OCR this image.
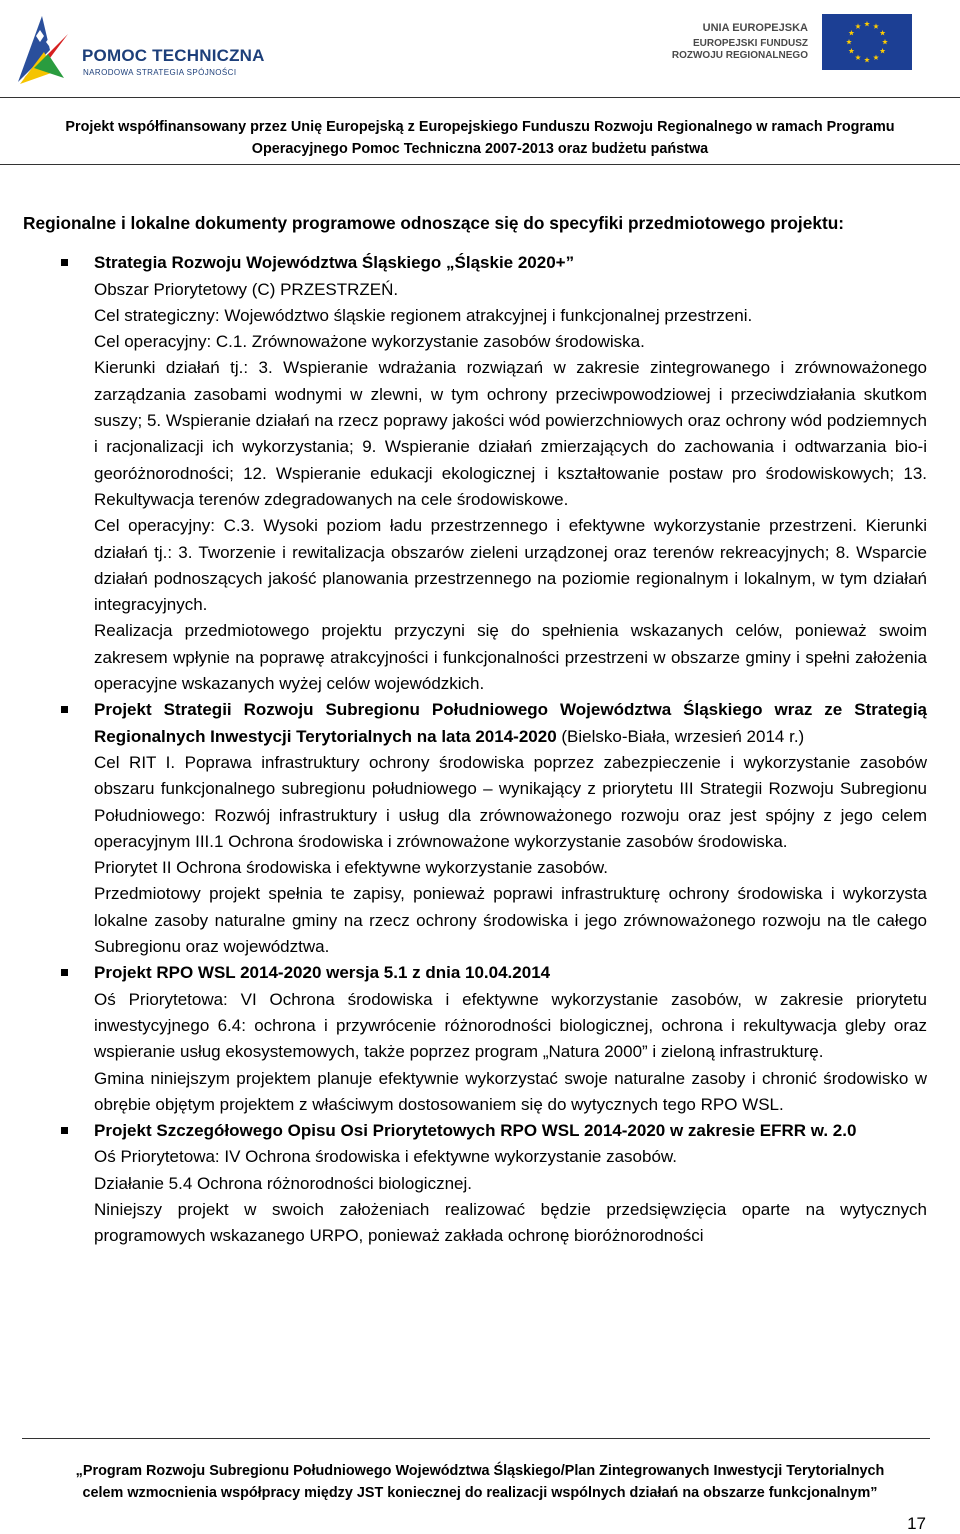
POMOC TECHNICZNA
NARODOWA STRATEGIA SPÓJNOŚCI
UNIA EUROPEJSKA
EUROPEJSKI FUNDUSZ
ROZWOJU REGIONALNEGO
Projekt współfinansowany przez Unię Europejską z Europejskiego Funduszu Rozwoju Regionalnego w ramach Programu
Operacyjnego Pomoc Techniczna 2007-2013 oraz budżetu państwa

Regionalne i lokalne dokumenty programowe odnoszące się do specyfiki przedmiotowego projektu:

Strategia Rozwoju Województwa Śląskiego „Śląskie 2020+”

Obszar Priorytetowy (C) PRZESTRZEŃ.

Cel strategiczny: Województwo śląskie regionem atrakcyjnej i funkcjonalnej przestrzeni.

Cel operacyjny: C.1. Zrównoważone wykorzystanie zasobów środowiska.

Kierunki działań tj.: 3. Wspieranie wdrażania rozwiązań w zakresie zintegrowanego i zrównoważonego zarządzania zasobami wodnymi w zlewni, w tym ochrony przeciwpowodziowej i przeciwdziałania skutkom suszy; 5. Wspieranie działań na rzecz poprawy jakości wód powierzchniowych oraz ochrony wód podziemnych i racjonalizacji ich wykorzystania; 9. Wspieranie działań zmierzających do zachowania i odtwarzania bio-i georóżnorodności; 12. Wspieranie edukacji ekologicznej i kształtowanie postaw pro środowiskowych; 13. Rekultywacja terenów zdegradowanych na cele środowiskowe.

Cel operacyjny: C.3. Wysoki poziom ładu przestrzennego i efektywne wykorzystanie przestrzeni. Kierunki działań tj.: 3. Tworzenie i rewitalizacja obszarów zieleni urządzonej oraz terenów rekreacyjnych; 8. Wsparcie działań podnoszących jakość planowania przestrzennego na poziomie regionalnym i lokalnym, w tym działań integracyjnych.

Realizacja przedmiotowego projektu przyczyni się do spełnienia wskazanych celów, ponieważ swoim zakresem wpłynie na poprawę atrakcyjności i funkcjonalności przestrzeni w obszarze gminy i spełni założenia operacyjne wskazanych wyżej celów wojewódzkich.

Projekt Strategii Rozwoju Subregionu Południowego Województwa Śląskiego wraz ze Strategią Regionalnych Inwestycji Terytorialnych na lata 2014-2020 (Bielsko-Biała, wrzesień 2014 r.)

Cel RIT I. Poprawa infrastruktury ochrony środowiska poprzez zabezpieczenie i wykorzystanie zasobów obszaru funkcjonalnego subregionu południowego – wynikający z priorytetu III Strategii Rozwoju Subregionu Południowego: Rozwój infrastruktury i usług dla zrównoważonego rozwoju oraz jest spójny z jego celem operacyjnym III.1 Ochrona środowiska i zrównoważone wykorzystanie zasobów środowiska.

Priorytet II Ochrona środowiska i efektywne wykorzystanie zasobów.

Przedmiotowy projekt spełnia te zapisy, ponieważ poprawi infrastrukturę ochrony środowiska i wykorzysta lokalne zasoby naturalne gminy na rzecz ochrony środowiska i jego zrównoważonego rozwoju na tle całego Subregionu oraz województwa.

Projekt RPO WSL 2014-2020 wersja 5.1 z dnia 10.04.2014

Oś Priorytetowa: VI Ochrona środowiska i efektywne wykorzystanie zasobów, w zakresie priorytetu inwestycyjnego 6.4: ochrona i przywrócenie różnorodności biologicznej, ochrona i rekultywacja gleby oraz wspieranie usług ekosystemowych, także poprzez program „Natura 2000” i zieloną infrastrukturę.

Gmina niniejszym projektem planuje efektywnie wykorzystać swoje naturalne zasoby i chronić środowisko w obrębie objętym projektem z właściwym dostosowaniem się do wytycznych tego RPO WSL.

Projekt Szczegółowego Opisu Osi Priorytetowych RPO WSL 2014-2020 w zakresie EFRR w. 2.0

Oś Priorytetowa: IV Ochrona środowiska i efektywne wykorzystanie zasobów.

Działanie 5.4 Ochrona różnorodności biologicznej.

Niniejszy projekt w swoich założeniach realizować będzie przedsięwzięcia oparte na wytycznych programowych wskazanego URPO, ponieważ zakłada ochronę bioróżnorodności

„Program Rozwoju Subregionu Południowego Województwa Śląskiego/Plan Zintegrowanych Inwestycji Terytorialnych
celem wzmocnienia współpracy między JST koniecznej do realizacji wspólnych działań na obszarze funkcjonalnym”
17
